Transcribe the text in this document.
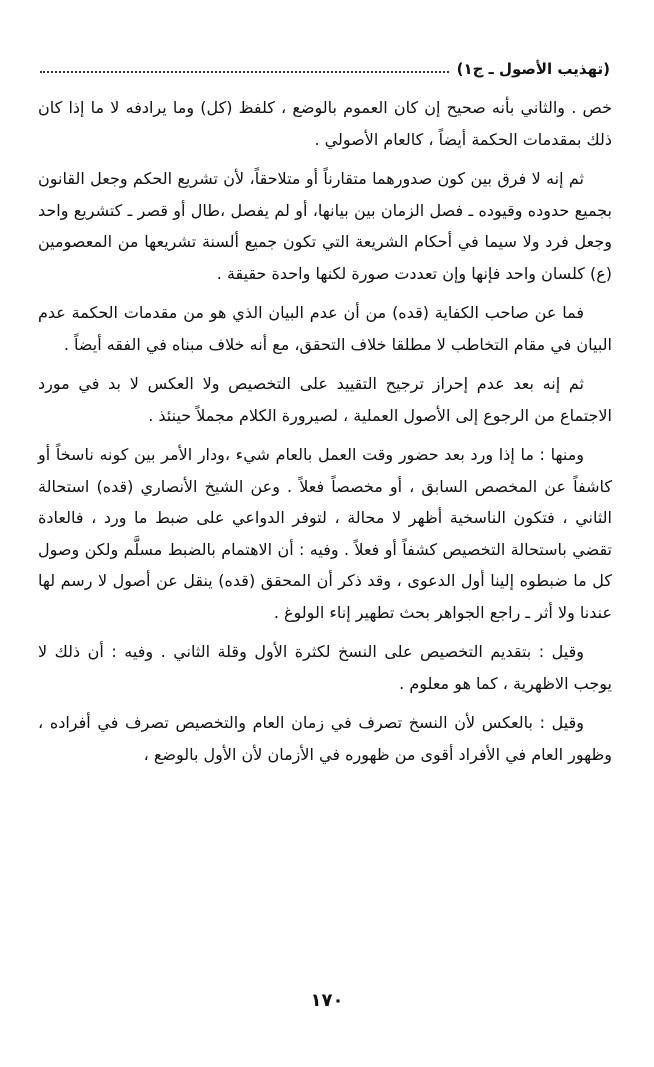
(تهذيب الأصول ـ ج١)

خص . والثاني بأنه صحيح إن كان العموم بالوضع ، كلفظ (كل) وما يرادفه لا ما إذا كان ذلك بمقدمات الحكمة أيضاً ، كالعام الأصولي .

ثم إنه لا فرق بين كون صدورهما متقارناً أو متلاحقاً، لأن تشريع الحكم وجعل القانون بجميع حدوده وقيوده ـ فصل الزمان بين بيانها، أو لم يفصل ،طال أو قصر ـ كتشريع واحد وجعل فرد ولا سيما في أحكام الشريعة التي تكون جميع ألسنة تشريعها من المعصومين (ع) كلسان واحد فإنها وإن تعددت صورة لكنها واحدة حقيقة .

فما عن صاحب الكفاية (قده) من أن عدم البيان الذي هو من مقدمات الحكمة عدم البيان في مقام التخاطب لا مطلقا خلاف التحقق، مع أنه خلاف مبناه في الفقه أيضاً .

ثم إنه بعد عدم إحراز ترجيح التقييد على التخصيص ولا العكس لا بد في مورد الاجتماع من الرجوع إلى الأصول العملية ، لصيرورة الكلام مجملاً حينئذ .

ومنها : ما إذا ورد بعد حضور وقت العمل بالعام شيء ،ودار الأمر بين كونه ناسخاً أو كاشفاً عن المخصص السابق ، أو مخصصاً فعلاً . وعن الشيخ الأنصاري (قده) استحالة الثاني ، فتكون الناسخية أظهر لا محالة ، لتوفر الدواعي على ضبط ما ورد ، فالعادة تقضي باستحالة التخصيص كشفاً أو فعلاً . وفيه : أن الاهتمام بالضبط مسلَّم ولكن وصول كل ما ضبطوه إلينا أول الدعوى ، وقد ذكر أن المحقق (قده) ينقل عن أصول لا رسم لها عندنا ولا أثر ـ راجع الجواهر بحث تطهير إناء الولوغ .

وقيل : بتقديم التخصيص على النسخ لكثرة الأول وقلة الثاني . وفيه : أن ذلك لا يوجب الاظهرية ، كما هو معلوم .

وقيل : بالعكس لأن النسخ تصرف في زمان العام والتخصيص تصرف في أفراده ، وظهور العام في الأفراد أقوى من ظهوره في الأزمان لأن الأول بالوضع ،

١٧٠
